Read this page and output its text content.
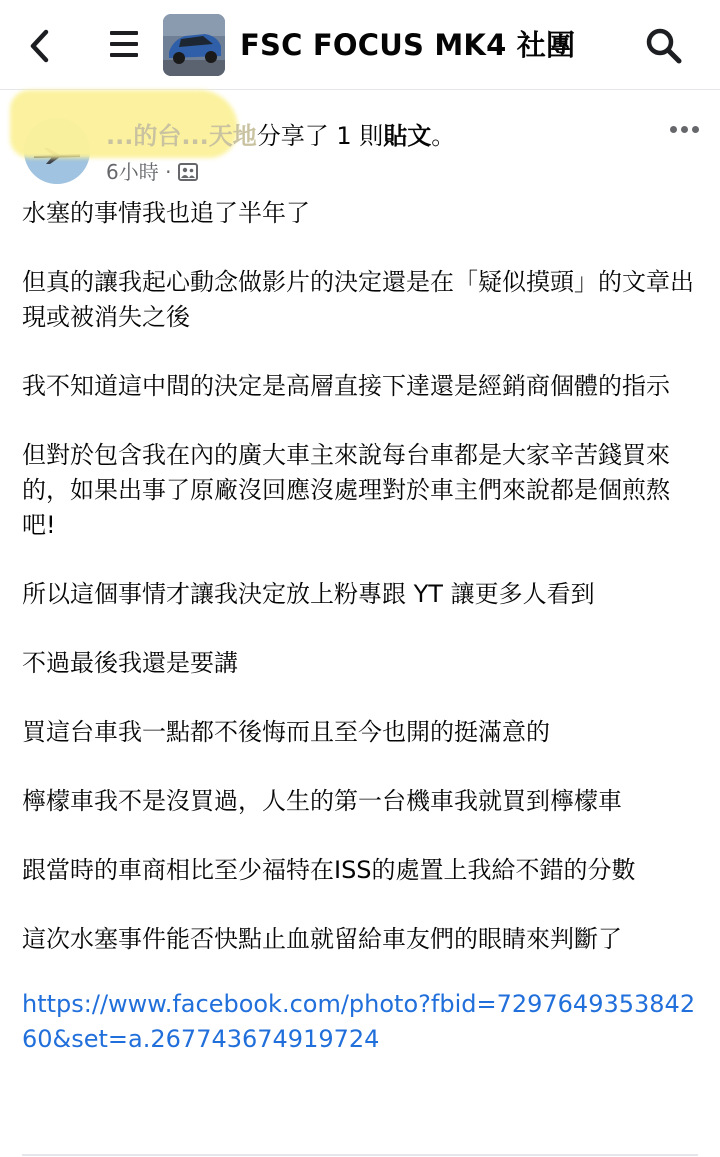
FSC FOCUS MK4 社團
...的台...天地分享了 1 則貼文。
6小時 ·

水塞的事情我也追了半年了

但真的讓我起心動念做影片的決定還是在「疑似摸頭」的文章出現或被消失之後

我不知道這中間的決定是高層直接下達還是經銷商個體的指示

但對於包含我在內的廣大車主來說每台車都是大家辛苦錢買來的，如果出事了原廠沒回應沒處理對於車主們來說都是個煎熬吧!

所以這個事情才讓我決定放上粉專跟 YT 讓更多人看到

不過最後我還是要講

買這台車我一點都不後悔而且至今也開的挺滿意的

檸檬車我不是沒買過，人生的第一台機車我就買到檸檬車

跟當時的車商相比至少福特在ISS的處置上我給不錯的分數

這次水塞事件能否快點止血就留給車友們的眼睛來判斷了

https://www.facebook.com/photo?fbid=729764935384260&set=a.267743674919724
